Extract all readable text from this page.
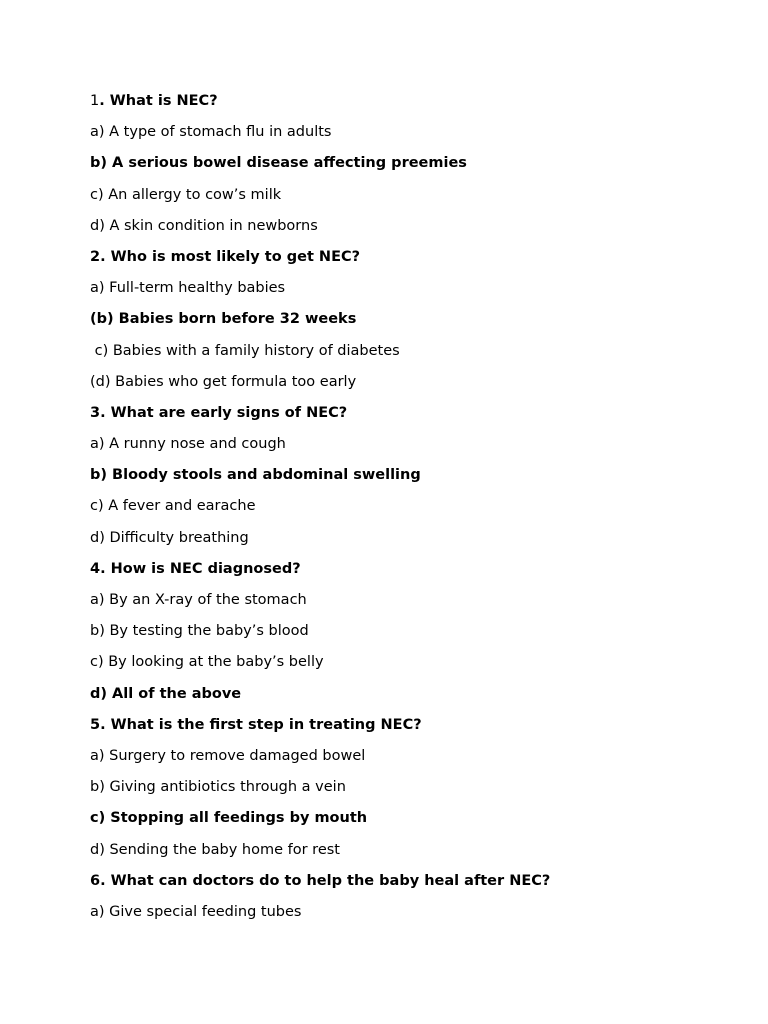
1. What is NEC?
a) A type of stomach flu in adults
b) A serious bowel disease affecting preemies
c) An allergy to cow’s milk
d) A skin condition in newborns
2. Who is most likely to get NEC?
a) Full-term healthy babies
(b) Babies born before 32 weeks
c) Babies with a family history of diabetes
(d) Babies who get formula too early
3. What are early signs of NEC?
a) A runny nose and cough
b) Bloody stools and abdominal swelling
c) A fever and earache
d) Difficulty breathing
4. How is NEC diagnosed?
a) By an X-ray of the stomach
b) By testing the baby’s blood
c) By looking at the baby’s belly
d) All of the above
5. What is the first step in treating NEC?
a) Surgery to remove damaged bowel
b) Giving antibiotics through a vein
c) Stopping all feedings by mouth
d) Sending the baby home for rest
6. What can doctors do to help the baby heal after NEC?
a) Give special feeding tubes
